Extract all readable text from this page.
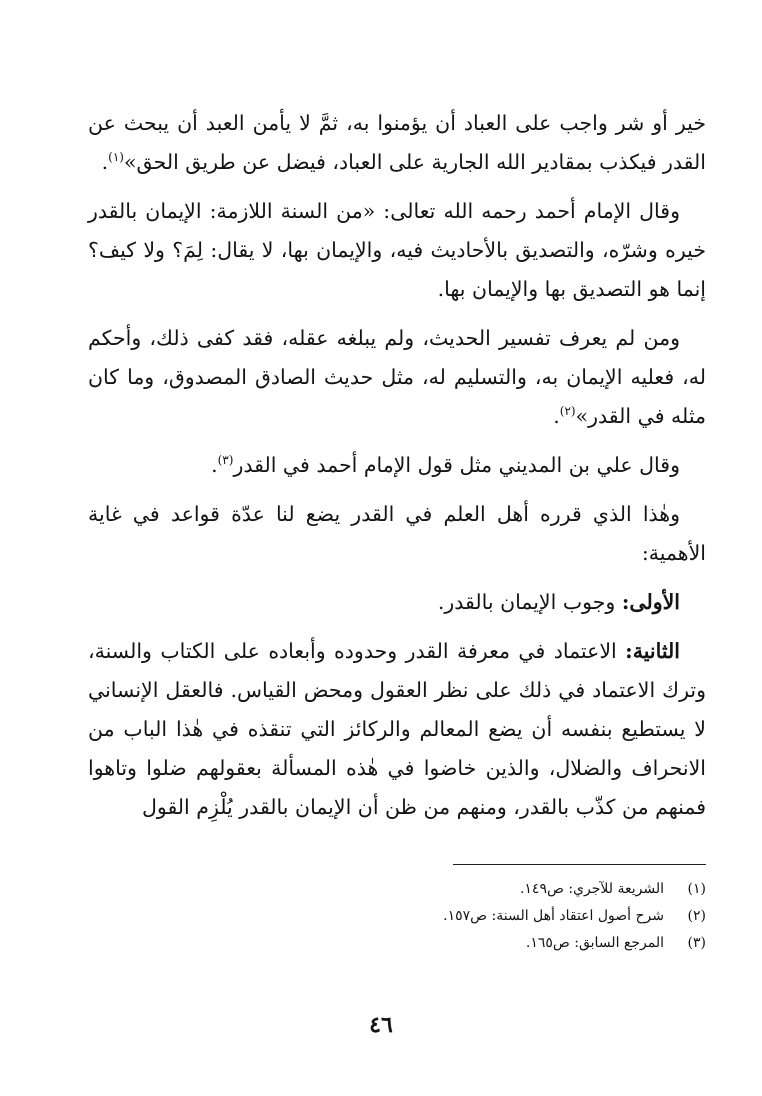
خير أو شر واجب على العباد أن يؤمنوا به، ثمَّ لا يأمن العبد أن يبحث عن القدر فيكذب بمقادير الله الجارية على العباد، فيضل عن طريق الحق»$^{(١)}$.

وقال الإمام أحمد رحمه الله تعالى: «من السنة اللازمة: الإيمان بالقدر خيره وشرّه، والتصديق بالأحاديث فيه، والإيمان بها، لا يقال: لِمَ؟ ولا كيف؟ إنما هو التصديق بها والإيمان بها.

ومن لم يعرف تفسير الحديث، ولم يبلغه عقله، فقد كفى ذلك، وأحكم له، فعليه الإيمان به، والتسليم له، مثل حديث الصادق المصدوق، وما كان مثله في القدر»$^{(٢)}$.

وقال علي بن المديني مثل قول الإمام أحمد في القدر$^{(٣)}$.

وهٰذا الذي قرره أهل العلم في القدر يضع لنا عدّة قواعد في غاية الأهمية:

الأولى: وجوب الإيمان بالقدر.

الثانية: الاعتماد في معرفة القدر وحدوده وأبعاده على الكتاب والسنة، وترك الاعتماد في ذلك على نظر العقول ومحض القياس. فالعقل الإنساني لا يستطيع بنفسه أن يضع المعالم والركائز التي تنقذه في هٰذا الباب من الانحراف والضلال، والذين خاضوا في هٰذه المسألة بعقولهم ضلوا وتاهوا فمنهم من كذّب بالقدر، ومنهم من ظن أن الإيمان بالقدر يُلْزِم القول

(١)الشريعة للآجري: ص١٤٩.
(٢)شرح أصول اعتقاد أهل السنة: ص١٥٧.
(٣)المرجع السابق: ص١٦٥.
٤٦
